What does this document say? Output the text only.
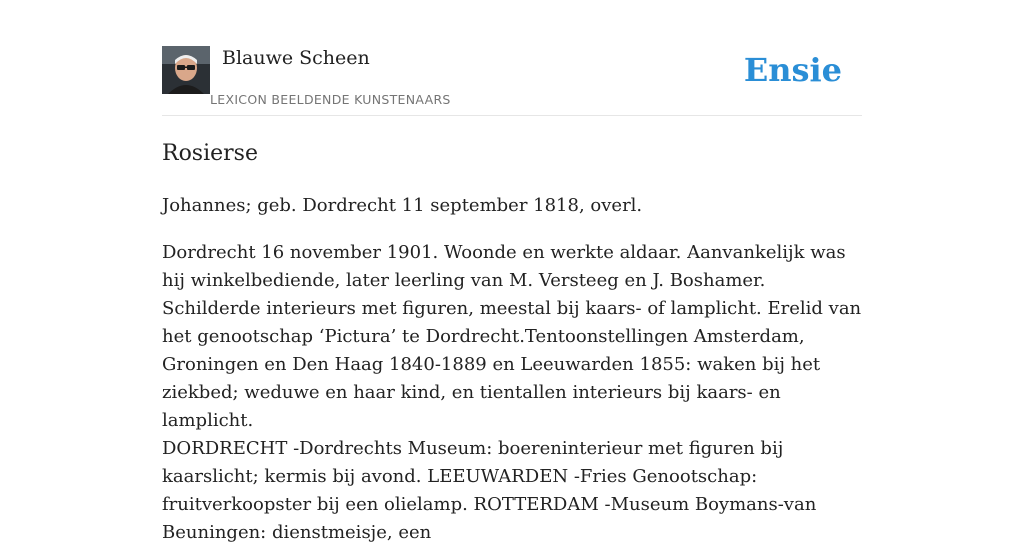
Blauwe Scheen
LEXICON BEELDENDE KUNSTENAARS
Ensie
Rosierse

Johannes; geb. Dordrecht 11 september 1818, overl.

Dordrecht 16 november 1901. Woonde en werkte aldaar. Aanvankelijk was hij winkelbediende, later leerling van M. Versteeg en J. Boshamer. Schilderde interieurs met figuren, meestal bij kaars- of lamplicht. Erelid van het genootschap ‘Pictura’ te Dordrecht.Tentoonstellingen Amsterdam, Groningen en Den Haag 1840-1889 en Leeuwarden 1855: waken bij het ziekbed; weduwe en haar kind, en tientallen interieurs bij kaars- en lamplicht.

DORDRECHT -Dordrechts Museum: boereninterieur met figuren bij kaarslicht; kermis bij avond. LEEUWARDEN -Fries Genootschap: fruitverkoopster bij een olielamp. ROTTERDAM -Museum Boymans-van Beuningen: dienstmeisje, een
